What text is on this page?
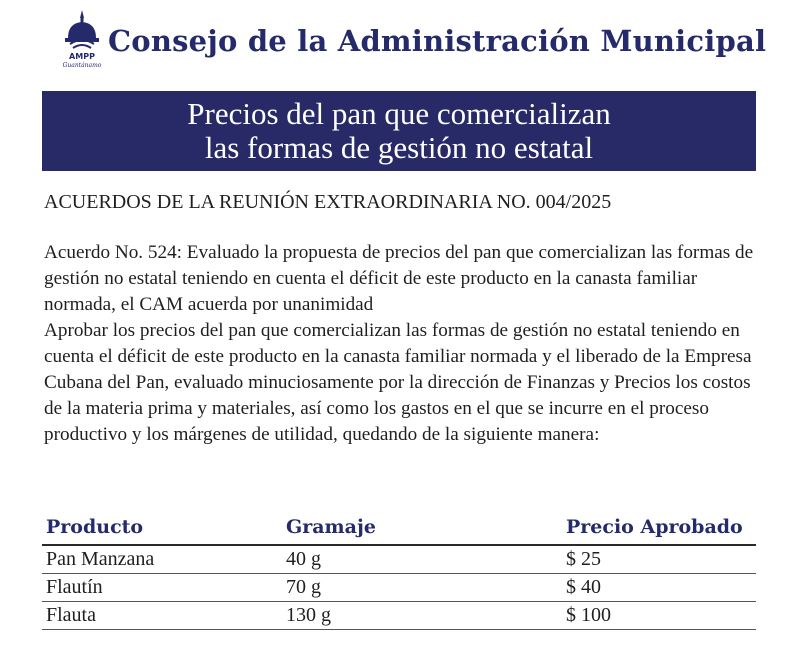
AMPP
Guantánamo
Consejo de la Administración Municipal
Precios del pan que comercializan
las formas de gestión no estatal
ACUERDOS DE LA REUNIÓN EXTRAORDINARIA NO. 004/2025

Acuerdo No. 524: Evaluado la propuesta de precios del pan que comercializan las formas de gestión no estatal teniendo en cuenta el déficit de este producto en la canasta familiar normada, el CAM acuerda por unanimidad

Aprobar los precios del pan que comercializan las formas de gestión no estatal teniendo en cuenta el déficit de este producto en la canasta familiar normada y el liberado de la Empresa Cubana del Pan, evaluado minuciosamente por la dirección de Finanzas y Precios los costos de la materia prima y materiales, así como los gastos en el que se incurre en el proceso productivo y los márgenes de utilidad, quedando de la siguiente manera:

Producto	Gramaje	Precio Aprobado
Pan Manzana	40 g	$ 25
Flautín	70 g	$ 40
Flauta	130 g	$ 100
